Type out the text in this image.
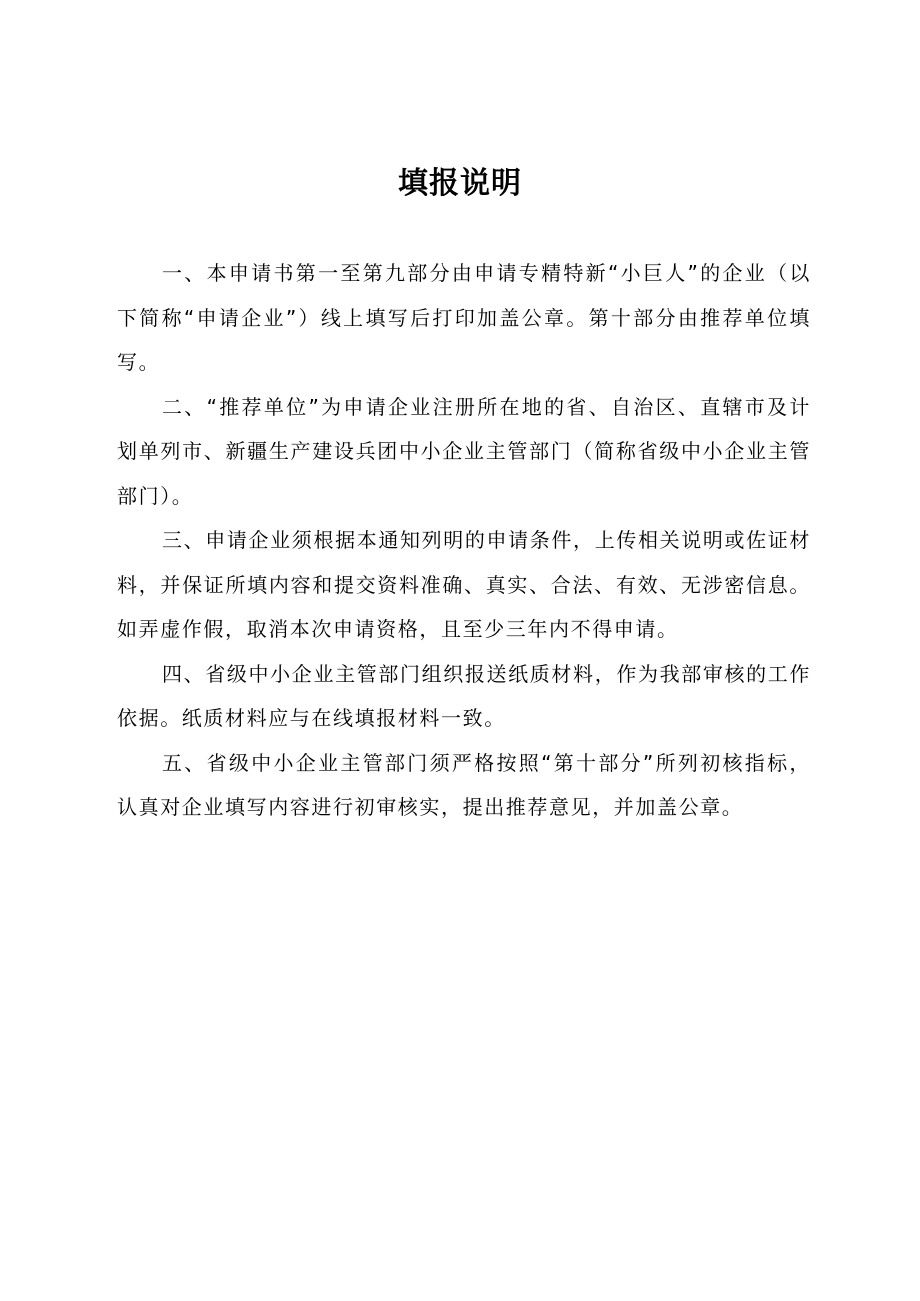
填报说明

一、本申请书第一至第九部分由申请专精特新“小巨人”的企业（以下简称“申请企业”）线上填写后打印加盖公章。第十部分由推荐单位填写。

二、“推荐单位”为申请企业注册所在地的省、自治区、直辖市及计划单列市、新疆生产建设兵团中小企业主管部门（简称省级中小企业主管部门）。

三、申请企业须根据本通知列明的申请条件，上传相关说明或佐证材料，并保证所填内容和提交资料准确、真实、合法、有效、无涉密信息。如弄虚作假，取消本次申请资格，且至少三年内不得申请。

四、省级中小企业主管部门组织报送纸质材料，作为我部审核的工作依据。纸质材料应与在线填报材料一致。

五、省级中小企业主管部门须严格按照“第十部分”所列初核指标，认真对企业填写内容进行初审核实，提出推荐意见，并加盖公章。
